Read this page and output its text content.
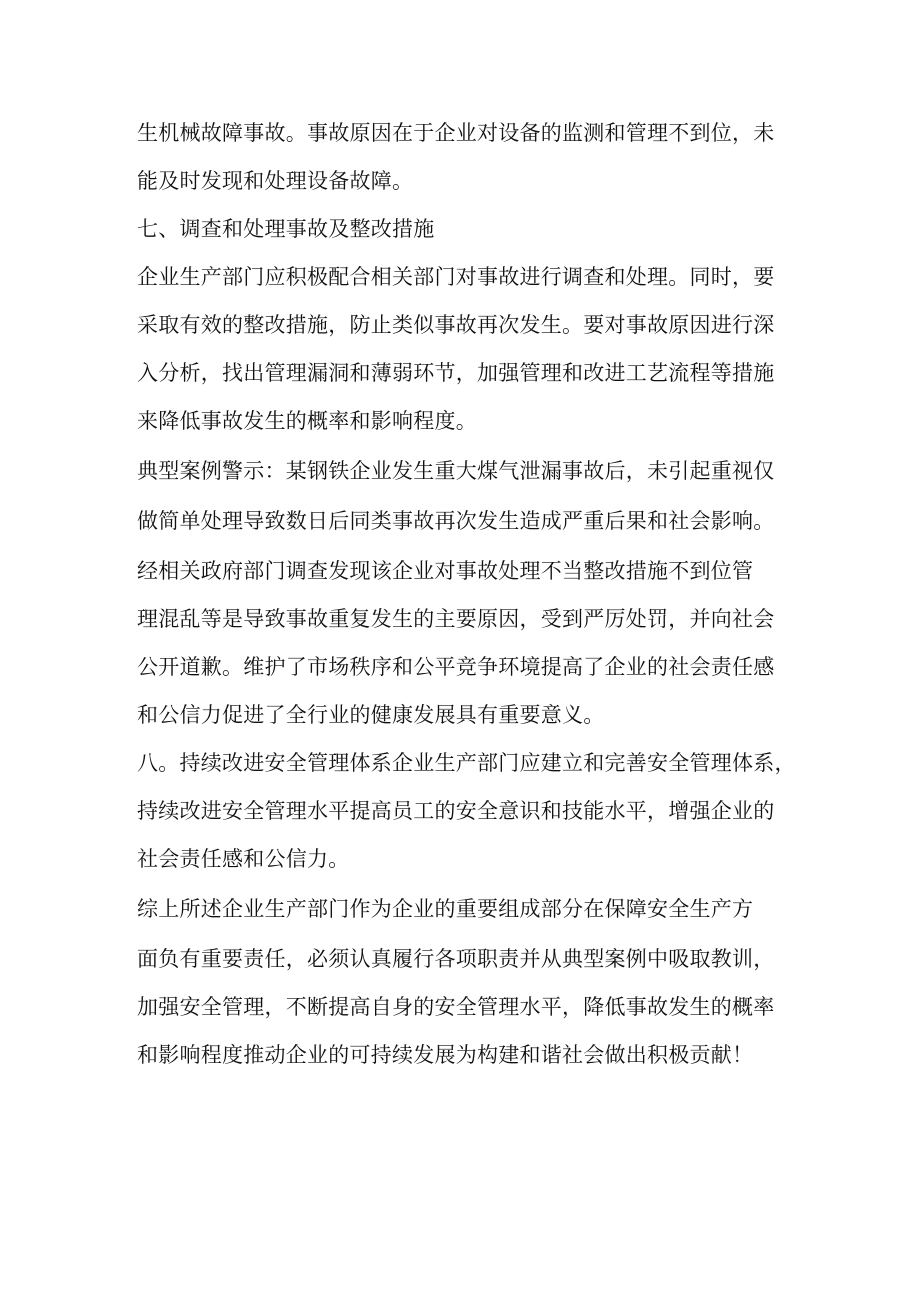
生机械故障事故。事故原因在于企业对设备的监测和管理不到位，未
能及时发现和处理设备故障。
七、调查和处理事故及整改措施
企业生产部门应积极配合相关部门对事故进行调查和处理。同时，要
采取有效的整改措施，防止类似事故再次发生。要对事故原因进行深
入分析，找出管理漏洞和薄弱环节，加强管理和改进工艺流程等措施
来降低事故发生的概率和影响程度。
典型案例警示：某钢铁企业发生重大煤气泄漏事故后，未引起重视仅
做简单处理导致数日后同类事故再次发生造成严重后果和社会影响。
经相关政府部门调查发现该企业对事故处理不当整改措施不到位管
理混乱等是导致事故重复发生的主要原因，受到严厉处罚，并向社会
公开道歉。维护了市场秩序和公平竞争环境提高了企业的社会责任感
和公信力促进了全行业的健康发展具有重要意义。
八。持续改进安全管理体系企业生产部门应建立和完善安全管理体系，
持续改进安全管理水平提高员工的安全意识和技能水平，增强企业的
社会责任感和公信力。
综上所述企业生产部门作为企业的重要组成部分在保障安全生产方
面负有重要责任，必须认真履行各项职责并从典型案例中吸取教训，
加强安全管理，不断提高自身的安全管理水平，降低事故发生的概率
和影响程度推动企业的可持续发展为构建和谐社会做出积极贡献！
